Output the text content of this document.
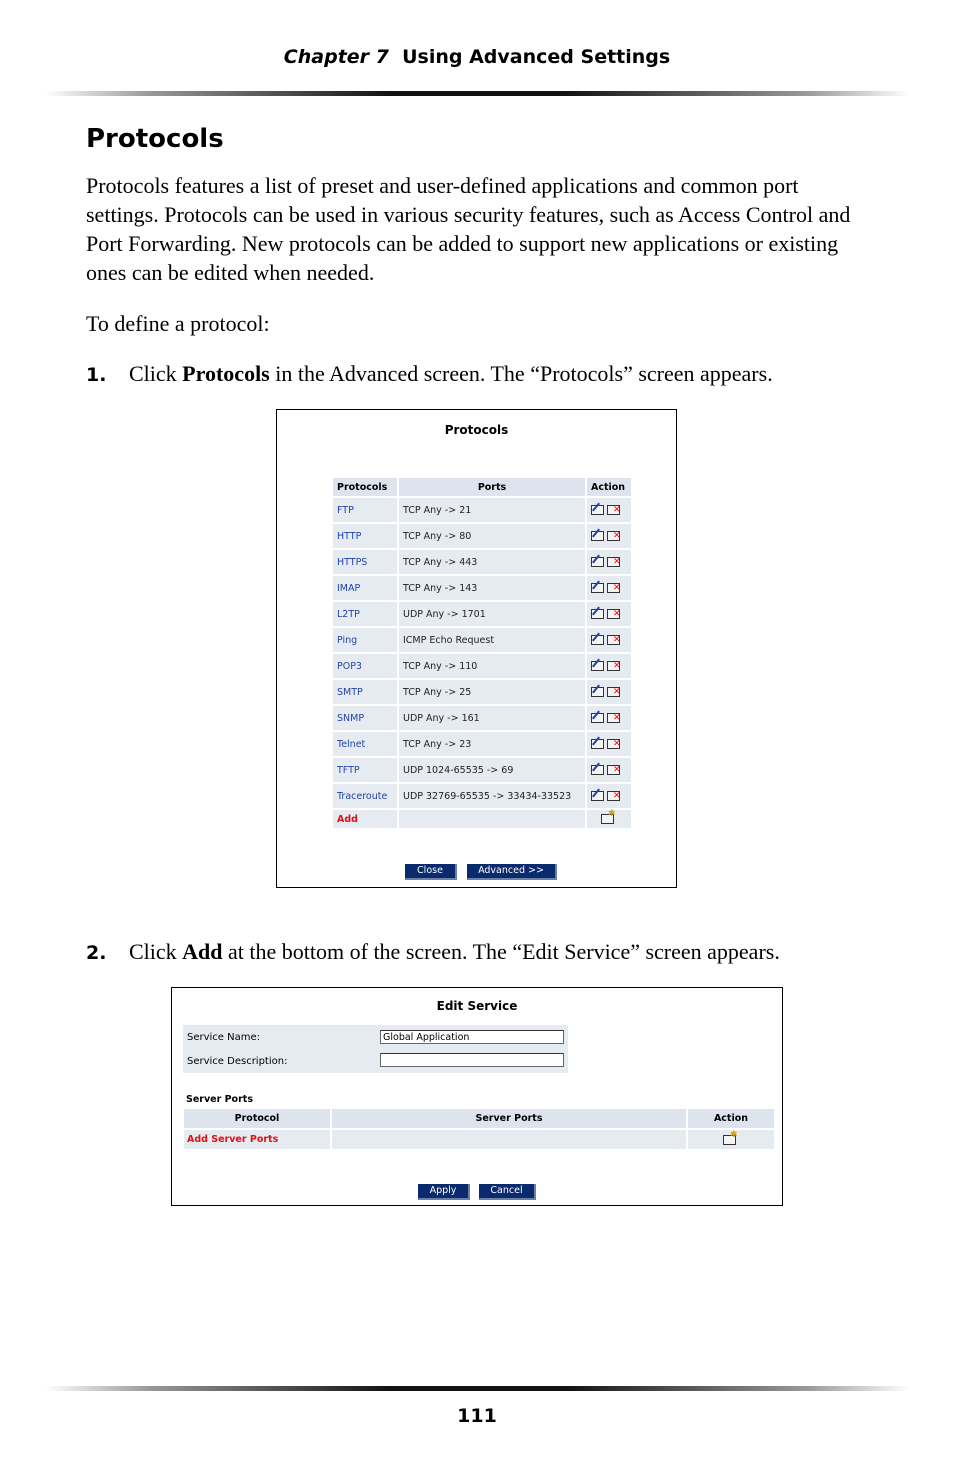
Chapter 7 Using Advanced Settings
Protocols
Protocols features a list of preset and user-defined applications and common port settings. Protocols can be used in various security features, such as Access Control and Port Forwarding. New protocols can be added to support new applications or existing ones can be edited when needed.
To define a protocol:
1. Click Protocols in the Advanced screen. The “Protocols” screen appears.
Protocols
Protocols	Ports	Action
FTP	TCP Any -> 21	✕
HTTP	TCP Any -> 80	✕
HTTPS	TCP Any -> 443	✕
IMAP	TCP Any -> 143	✕
L2TP	UDP Any -> 1701	✕
Ping	ICMP Echo Request	✕
POP3	TCP Any -> 110	✕
SMTP	TCP Any -> 25	✕
SNMP	UDP Any -> 161	✕
Telnet	TCP Any -> 23	✕
TFTP	UDP 1024-65535 -> 69	✕
Traceroute	UDP 32769-65535 -> 33434-33523	✕
Add		✱
Close	Advanced >>
2. Click Add at the bottom of the screen. The “Edit Service” screen appears.
Edit Service
Service Name:	Global Application
Service Description:	
Server Ports
Protocol	Server Ports	Action
Add Server Ports		✱
Apply	Cancel
111
